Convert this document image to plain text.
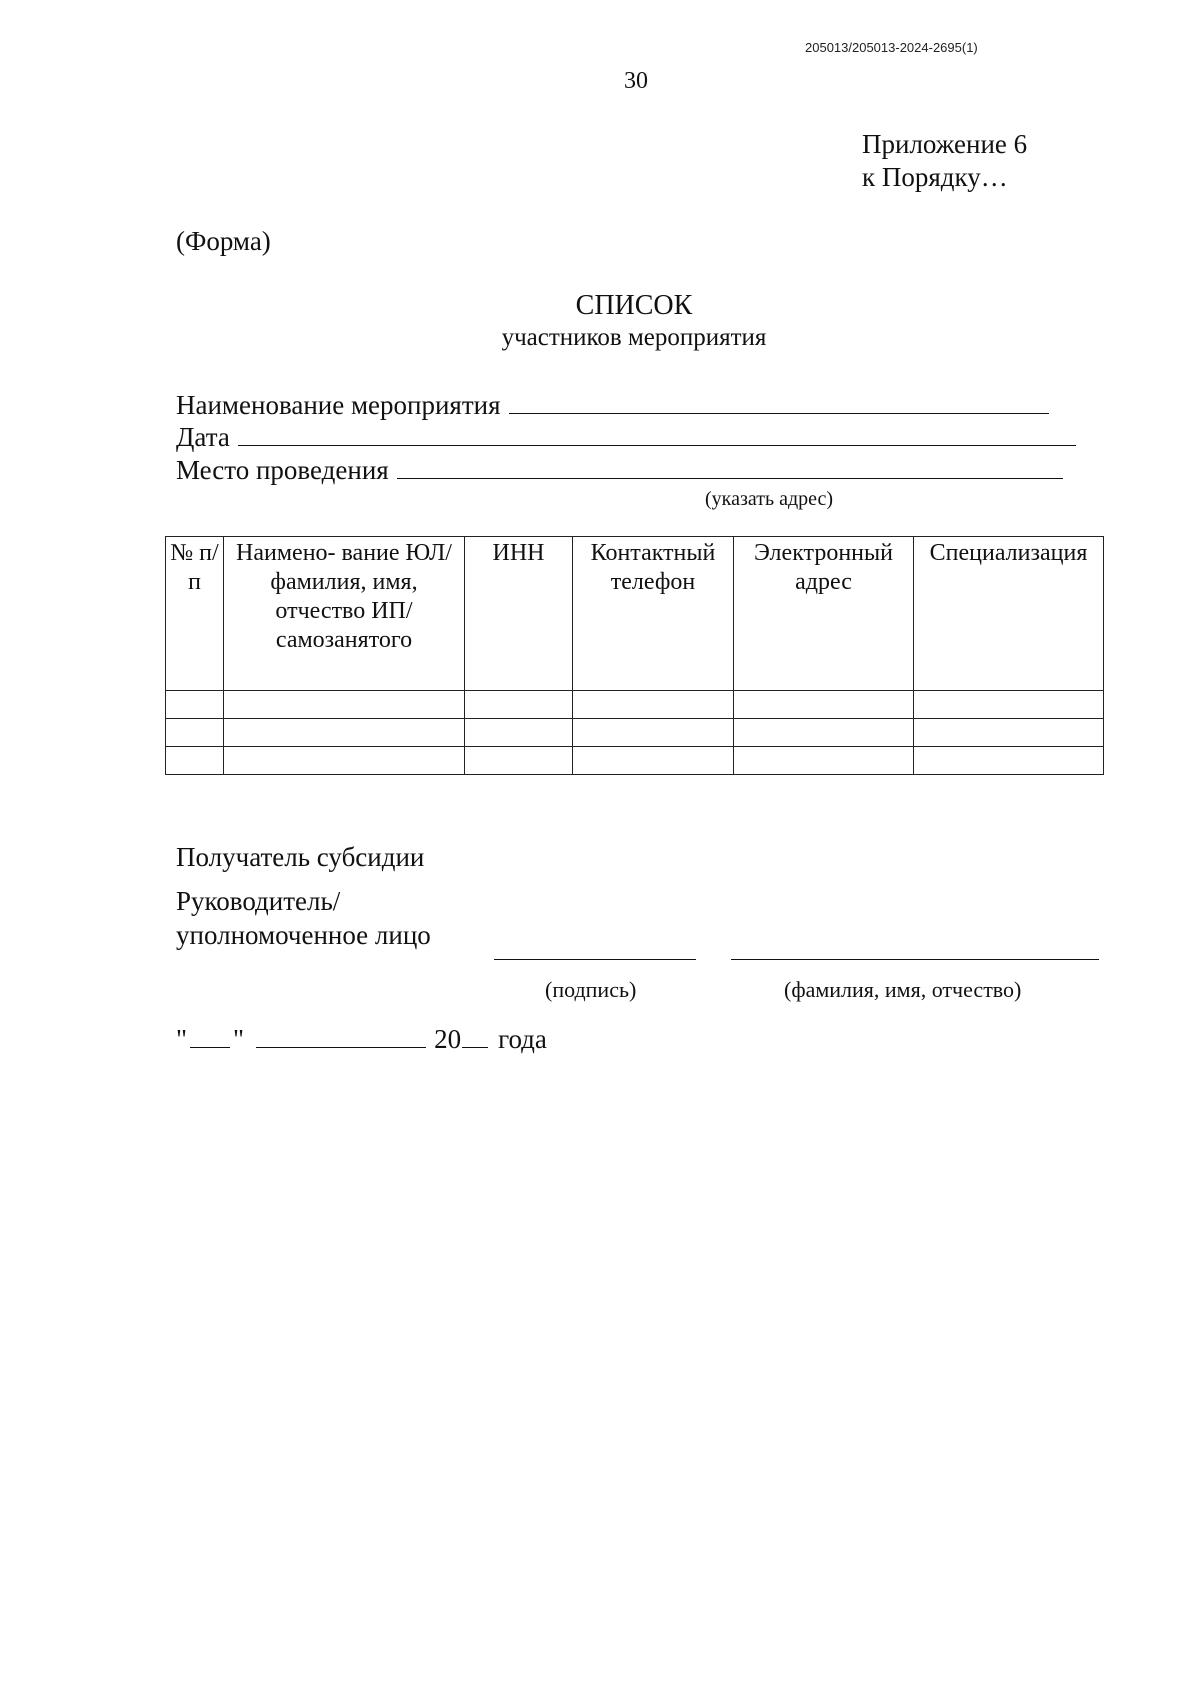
205013/205013-2024-2695(1)
30
Приложение 6
к Порядку…
(Форма)
СПИСОК
участников мероприятия
Наименование мероприятия
Дата
Место проведения
(указать адрес)
№ п/п	Наимено- вание ЮЛ/ фамилия, имя, отчество ИП/ самозанятого	ИНН	Контактный телефон	Электронный адрес	Специализация

Получатель субсидии
Руководитель/
уполномоченное лицо
(подпись)	(фамилия, имя, отчество)
" "	20 года
